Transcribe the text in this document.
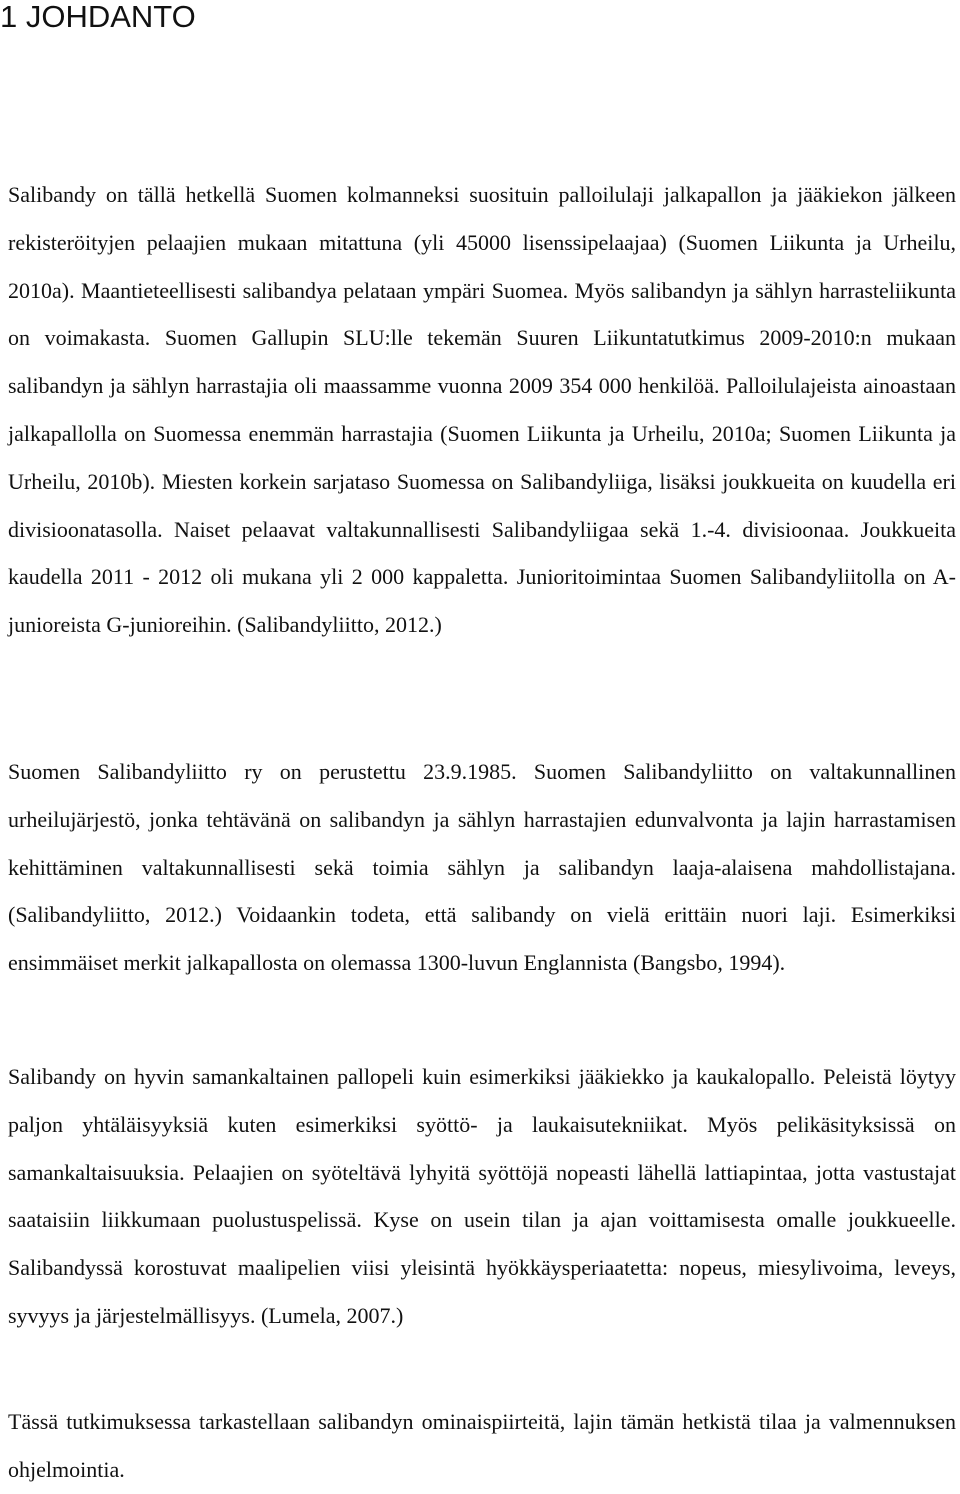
1 JOHDANTO

Salibandy on tällä hetkellä Suomen kolmanneksi suosituin palloilulaji jalkapallon ja jääkiekon jälkeen rekisteröityjen pelaajien mukaan mitattuna (yli 45000 lisenssipelaajaa) (Suomen Liikunta ja Urheilu, 2010a). Maantieteellisesti salibandya pelataan ympäri Suomea. Myös salibandyn ja sählyn harrasteliikunta on voimakasta. Suomen Gallupin SLU:lle tekemän Suuren Liikuntatutkimus 2009-2010:n mukaan salibandyn ja sählyn harrastajia oli maassamme vuonna 2009 354 000 henkilöä. Palloilulajeista ainoastaan jalkapallolla on Suomessa enemmän harrastajia (Suomen Liikunta ja Urheilu, 2010a; Suomen Liikunta ja Urheilu, 2010b). Miesten korkein sarjataso Suomessa on Salibandyliiga, lisäksi joukkueita on kuudella eri divisioonatasolla. Naiset pelaavat valtakunnallisesti Salibandyliigaa sekä 1.-4. divisioonaa. Joukkueita kaudella 2011 - 2012 oli mukana yli 2 000 kappaletta. Junioritoimintaa Suomen Salibandyliitolla on A-junioreista G-junioreihin. (Salibandyliitto, 2012.)

Suomen Salibandyliitto ry on perustettu 23.9.1985. Suomen Salibandyliitto on valtakunnallinen urheilujärjestö, jonka tehtävänä on salibandyn ja sählyn harrastajien edunvalvonta ja lajin harrastamisen kehittäminen valtakunnallisesti sekä toimia sählyn ja salibandyn laaja-alaisena mahdollistajana. (Salibandyliitto, 2012.) Voidaankin todeta, että salibandy on vielä erittäin nuori laji. Esimerkiksi ensimmäiset merkit jalkapallosta on olemassa 1300-luvun Englannista (Bangsbo, 1994).

Salibandy on hyvin samankaltainen pallopeli kuin esimerkiksi jääkiekko ja kaukalopallo. Peleistä löytyy paljon yhtäläisyyksiä kuten esimerkiksi syöttö- ja laukaisutekniikat. Myös pelikäsityksissä on samankaltaisuuksia. Pelaajien on syöteltävä lyhyitä syöttöjä nopeasti lähellä lattiapintaa, jotta vastustajat saataisiin liikkumaan puolustuspelissä. Kyse on usein tilan ja ajan voittamisesta omalle joukkueelle. Salibandyssä korostuvat maalipelien viisi yleisintä hyökkäysperiaatetta: nopeus, miesylivoima, leveys, syvyys ja järjestelmällisyys. (Lumela, 2007.)

Tässä tutkimuksessa tarkastellaan salibandyn ominaispiirteitä, lajin tämän hetkistä tilaa ja valmennuksen ohjelmointia.
